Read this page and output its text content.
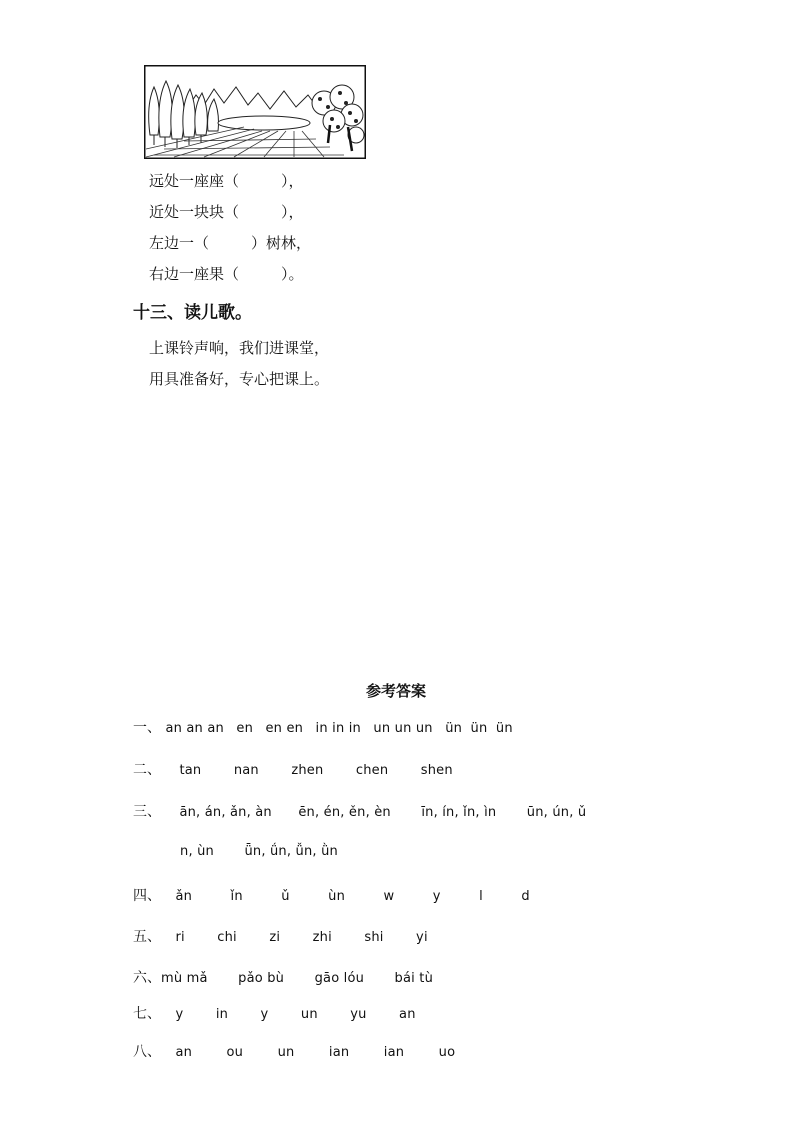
远处一座座（	），
近处一块块（	），
左边一（	）树林，
右边一座果（	）。
十三、读儿歌。
上课铃声响，我们进课堂，
用具准备好，专心把课上。
参考答案
一、 an an an en en en in in in un un un ün ün ün
二、 tan nan zhen chen shen
三、 ān, án, ǎn, àn ēn, én, ěn, èn īn, ín, ǐn, ìn ūn, ún, ǔ
n, ùn ǖn, ǘn, ǚn, ǜn
四、 ǎn	ǐn	ǔ	ùn	w	y	l	d
五、 ri chi zi zhi shi yi
六、mù mǎ pǎo bù gāo lóu bái tù
七、 y in y un yu an
八、 an	ou	un	ian	ian	uo
